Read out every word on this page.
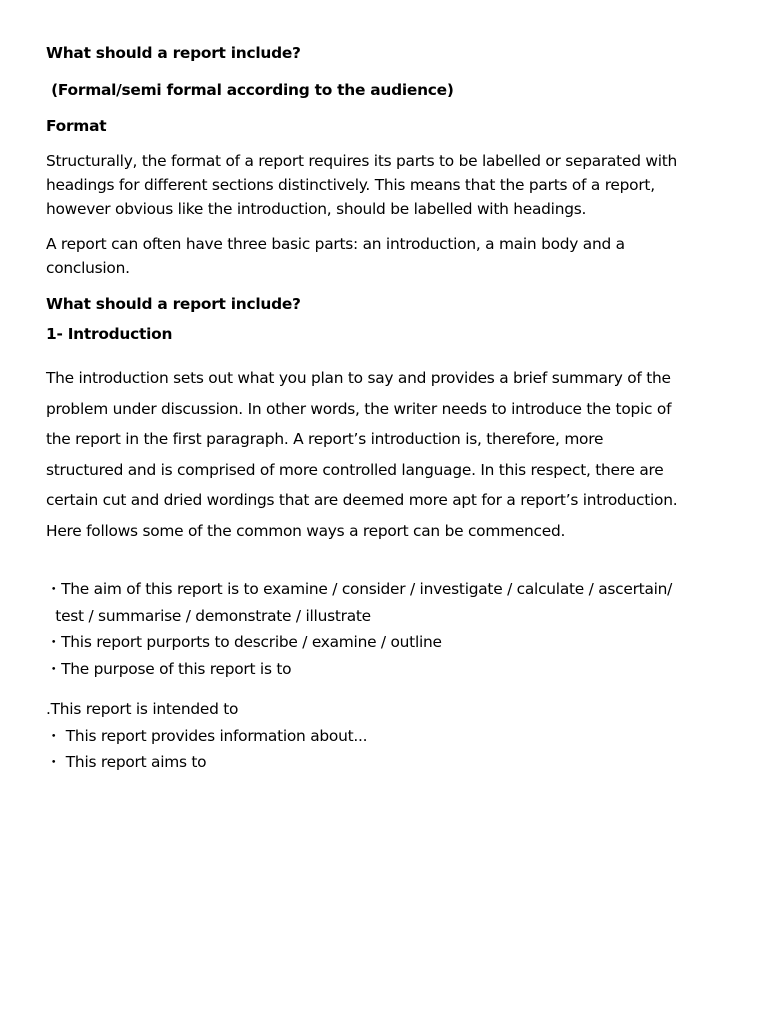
What should a report include?
(Formal/semi formal according to the audience)
Format
Structurally, the format of a report requires its parts to be labelled or separated with
headings for different sections distinctively. This means that the parts of a report,
however obvious like the introduction, should be labelled with headings.
A report can often have three basic parts: an introduction, a main body and a
conclusion.
What should a report include?
1- Introduction
The introduction sets out what you plan to say and provides a brief summary of the
problem under discussion. In other words, the writer needs to introduce the topic of
the report in the first paragraph. A report’s introduction is, therefore, more
structured and is comprised of more controlled language. In this respect, there are
certain cut and dried wordings that are deemed more apt for a report’s introduction.
Here follows some of the common ways a report can be commenced.
・The aim of this report is to examine / consider / investigate / calculate / ascertain/
test / summarise / demonstrate / illustrate
・This report purports to describe / examine / outline
・The purpose of this report is to
.This report is intended to
・ This report provides information about...
・ This report aims to
